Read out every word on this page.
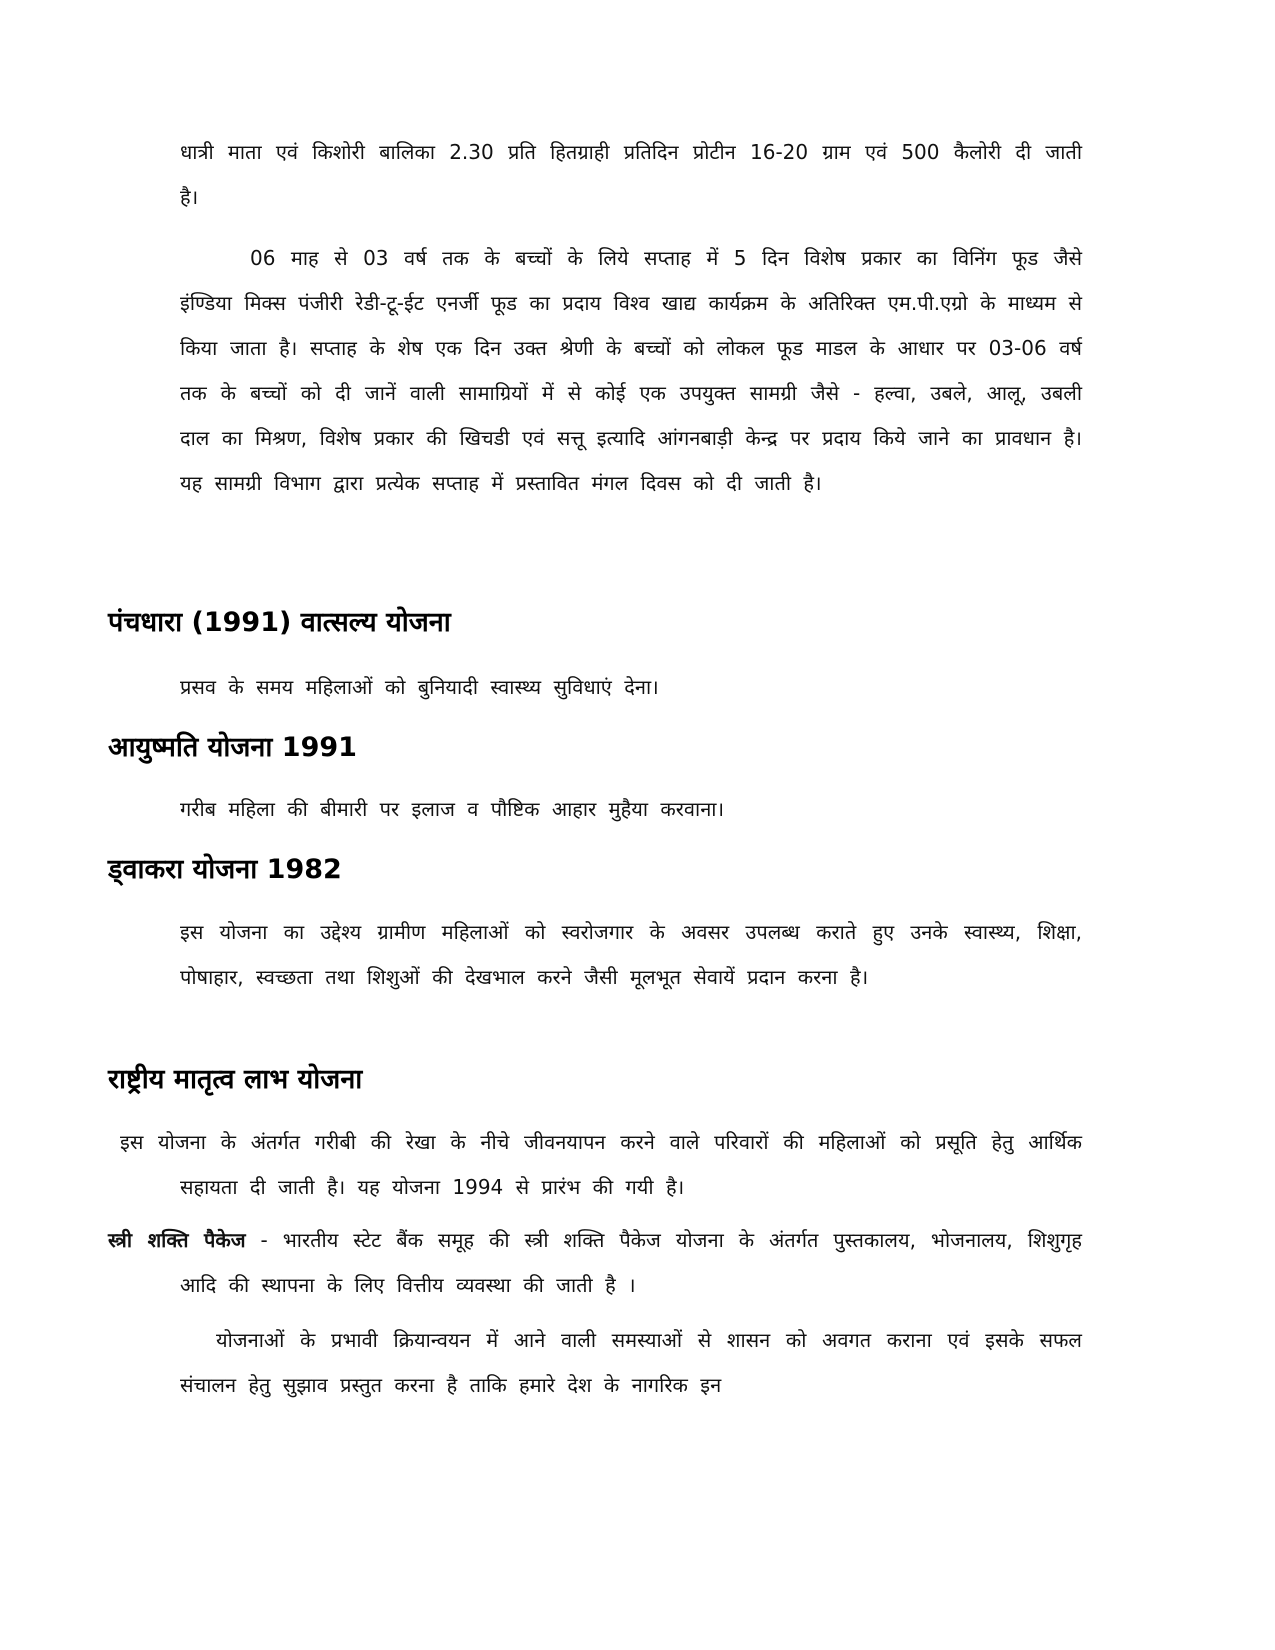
धात्री माता एवं किशोरी बालिका 2.30 प्रति हितग्राही प्रतिदिन प्रोटीन 16-20 ग्राम एवं 500 कैलोरी दी जाती है।

06 माह से 03 वर्ष तक के बच्चों के लिये सप्ताह में 5 दिन विशेष प्रकार का विनिंग फूड जैसे इंण्डिया मिक्स पंजीरी रेडी-टू-ईट एनर्जी फूड का प्रदाय विश्व खाद्य कार्यक्रम के अतिरिक्त एम.पी.एग्रो के माध्यम से किया जाता है। सप्ताह के शेष एक दिन उक्त श्रेणी के बच्चों को लोकल फूड माडल के आधार पर 03-06 वर्ष तक के बच्चों को दी जानें वाली सामाग्रियों में से कोई एक उपयुक्त सामग्री जैसे - हल्वा, उबले, आलू, उबली दाल का मिश्रण, विशेष प्रकार की खिचडी एवं सत्तू इत्यादि आंगनबाड़ी केन्द्र पर प्रदाय किये जाने का प्रावधान है। यह सामग्री विभाग द्वारा प्रत्येक सप्ताह में प्रस्तावित मंगल दिवस को दी जाती है।

पंचधारा (1991) वात्सल्य योजना

प्रसव के समय महिलाओं को बुनियादी स्वास्थ्य सुविधाएं देना।

आयुष्मति योजना 1991

गरीब महिला की बीमारी पर इलाज व पौष्टिक आहार मुहैया करवाना।

ड्वाकरा योजना 1982

इस योजना का उद्देश्य ग्रामीण महिलाओं को स्वरोजगार के अवसर उपलब्ध कराते हुए उनके स्वास्थ्य, शिक्षा, पोषाहार, स्वच्छता तथा शिशुओं की देखभाल करने जैसी मूलभूत सेवायें प्रदान करना है।

राष्ट्रीय मातृत्व लाभ योजना

इस योजना के अंतर्गत गरीबी की रेखा के नीचे जीवनयापन करने वाले परिवारों की महिलाओं को प्रसूति हेतु आर्थिक सहायता दी जाती है। यह योजना 1994 से प्रारंभ की गयी है।

स्त्री शक्ति पैकेज - भारतीय स्टेट बैंक समूह की स्त्री शक्ति पैकेज योजना के अंतर्गत पुस्तकालय, भोजनालय, शिशुगृह आदि की स्थापना के लिए वित्तीय व्यवस्था की जाती है ।

योजनाओं के प्रभावी क्रियान्वयन में आने वाली समस्याओं से शासन को अवगत कराना एवं इसके सफल संचालन हेतु सुझाव प्रस्तुत करना है ताकि हमारे देश के नागरिक इन
